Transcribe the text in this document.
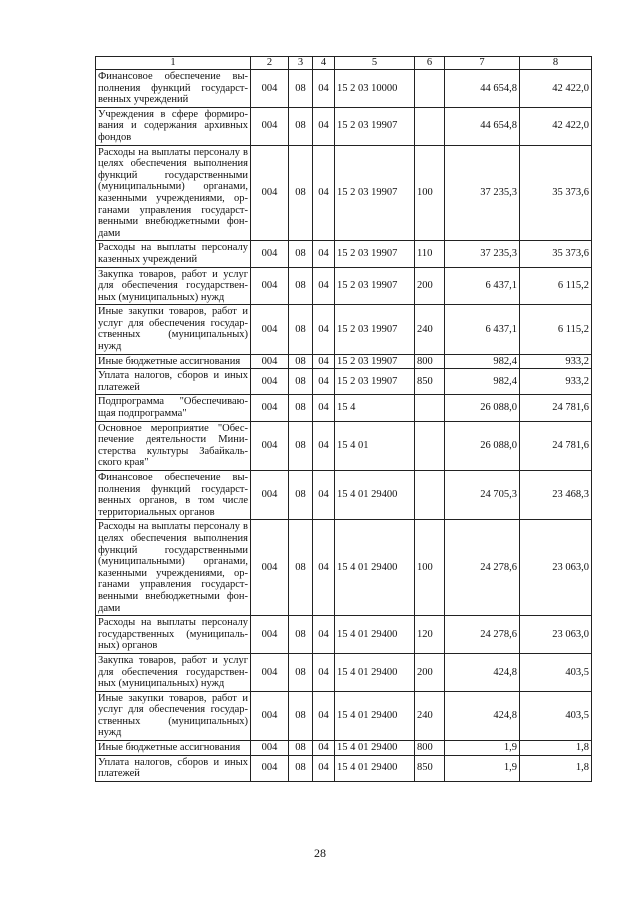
1	2	3	4	5	6	7	8
Финансовое обеспечение выполнения функций государственных учреждений	004	08	04	15 2 03 10000		44 654,8	42 422,0
Учреждения в сфере формирования и содержания архивных фондов	004	08	04	15 2 03 19907		44 654,8	42 422,0
Расходы на выплаты персоналу в целях обеспечения выполнения функций государственными (муниципальными) органами, казенными учреждениями, органами управления государственными внебюджетными фондами	004	08	04	15 2 03 19907	100	37 235,3	35 373,6
Расходы на выплаты персоналу казенных учреждений	004	08	04	15 2 03 19907	110	37 235,3	35 373,6
Закупка товаров, работ и услуг для обеспечения государственных (муниципальных) нужд	004	08	04	15 2 03 19907	200	6 437,1	6 115,2
Иные закупки товаров, работ и услуг для обеспечения государственных (муниципальных) нужд	004	08	04	15 2 03 19907	240	6 437,1	6 115,2
Иные бюджетные ассигнования	004	08	04	15 2 03 19907	800	982,4	933,2
Уплата налогов, сборов и иных платежей	004	08	04	15 2 03 19907	850	982,4	933,2
Подпрограмма "Обеспечивающая подпрограмма"	004	08	04	15 4		26 088,0	24 781,6
Основное мероприятие "Обеспечение деятельности Министерства культуры Забайкальского края"	004	08	04	15 4 01		26 088,0	24 781,6
Финансовое обеспечение выполнения функций государственных органов, в том числе территориальных органов	004	08	04	15 4 01 29400		24 705,3	23 468,3
Расходы на выплаты персоналу в целях обеспечения выполнения функций государственными (муниципальными) органами, казенными учреждениями, органами управления государственными внебюджетными фондами	004	08	04	15 4 01 29400	100	24 278,6	23 063,0
Расходы на выплаты персоналу государственных (муниципальных) органов	004	08	04	15 4 01 29400	120	24 278,6	23 063,0
Закупка товаров, работ и услуг для обеспечения государственных (муниципальных) нужд	004	08	04	15 4 01 29400	200	424,8	403,5
Иные закупки товаров, работ и услуг для обеспечения государственных (муниципальных) нужд	004	08	04	15 4 01 29400	240	424,8	403,5
Иные бюджетные ассигнования	004	08	04	15 4 01 29400	800	1,9	1,8
Уплата налогов, сборов и иных платежей	004	08	04	15 4 01 29400	850	1,9	1,8
28
